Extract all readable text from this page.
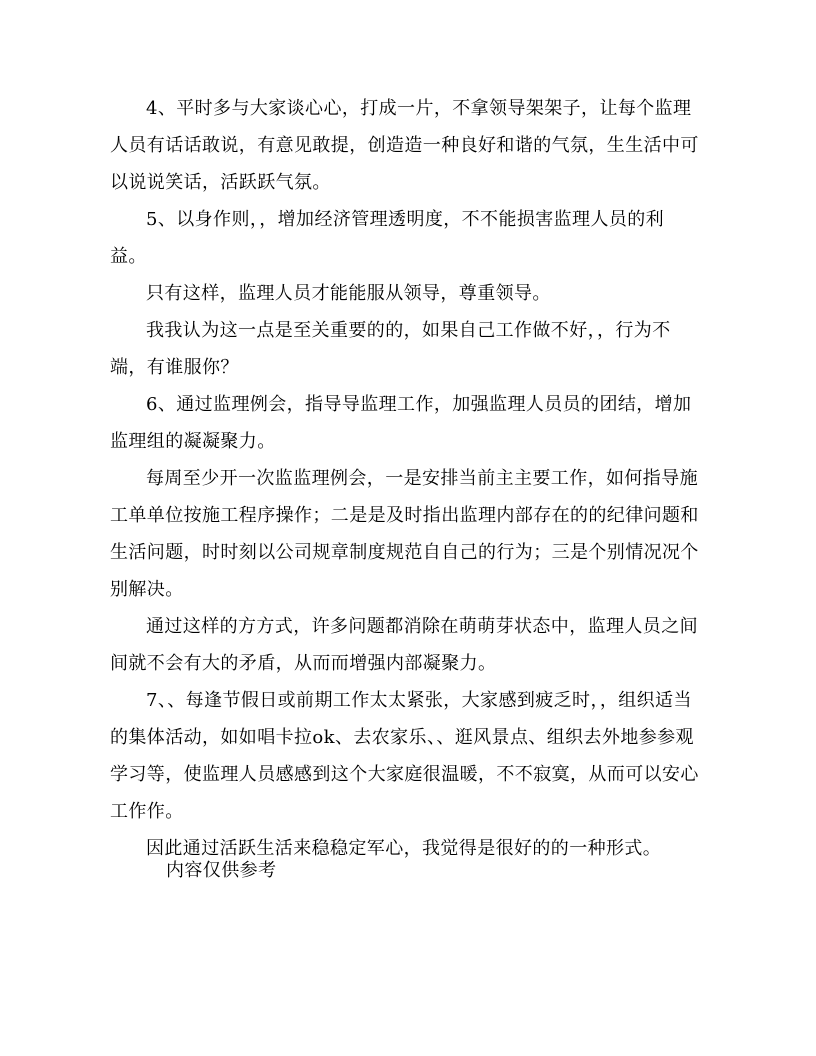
4、平时多与大家谈心心，打成一片，不拿领导架架子，让每个监理人员有话话敢说，有意见敢提，创造造一种良好和谐的气氛，生生活中可以说说笑话，活跃跃气氛。

5、以身作则，，增加经济管理透明度，不不能损害监理人员的利益。

只有这样，监理人员才能能服从领导，尊重领导。

我我认为这一点是至关重要的的，如果自己工作做不好，，行为不端，有谁服你？

6、通过监理例会，指导导监理工作，加强监理人员员的团结，增加监理组的凝凝聚力。

每周至少开一次监监理例会，一是安排当前主主要工作，如何指导施工单单位按施工程序操作；二是是及时指出监理内部存在的的纪律问题和生活问题，时时刻以公司规章制度规范自自己的行为；三是个别情况况个别解决。

通过这样的方方式，许多问题都消除在萌萌芽状态中，监理人员之间间就不会有大的矛盾，从而而增强内部凝聚力。

7、、每逢节假日或前期工作太太紧张，大家感到疲乏时，，组织适当的集体活动，如如唱卡拉ok、去农家乐、、逛风景点、组织去外地参参观学习等，使监理人员感感到这个大家庭很温暖，不不寂寞，从而可以安心工作作。

因此通过活跃生活来稳稳定军心，我觉得是很好的的一种形式。

内容仅供参考
